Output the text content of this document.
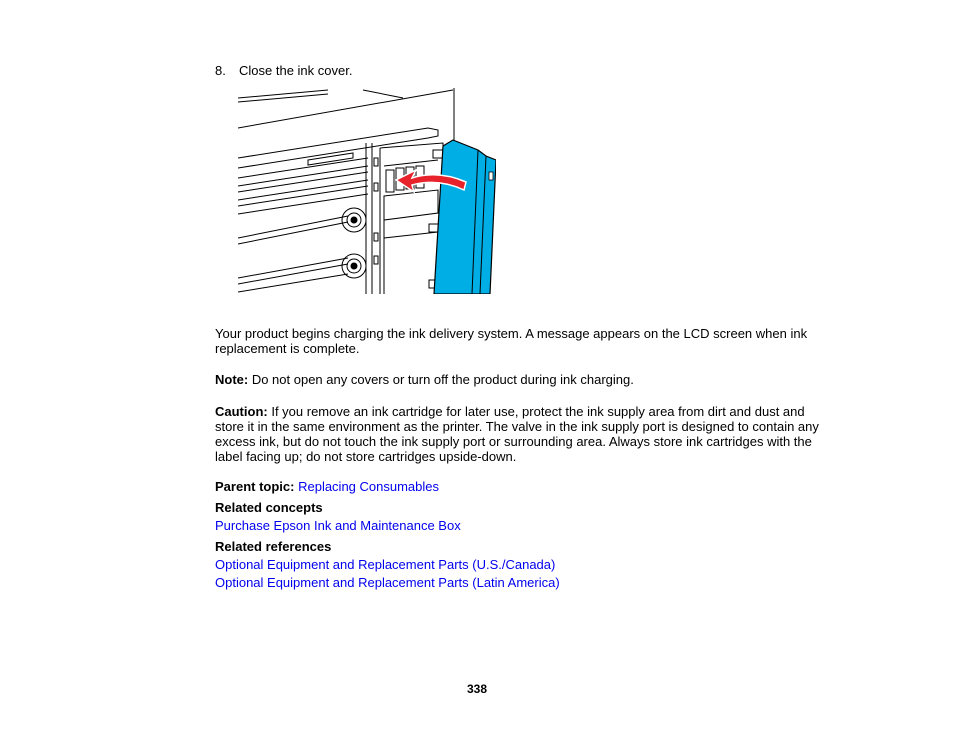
8. Close the ink cover.
Your product begins charging the ink delivery system. A message appears on the LCD screen when ink replacement is complete.
Note: Do not open any covers or turn off the product during ink charging.
Caution: If you remove an ink cartridge for later use, protect the ink supply area from dirt and dust and store it in the same environment as the printer. The valve in the ink supply port is designed to contain any excess ink, but do not touch the ink supply port or surrounding area. Always store ink cartridges with the label facing up; do not store cartridges upside-down.
Parent topic: Replacing Consumables
Related concepts
Purchase Epson Ink and Maintenance Box
Related references
Optional Equipment and Replacement Parts (U.S./Canada)
Optional Equipment and Replacement Parts (Latin America)
338
